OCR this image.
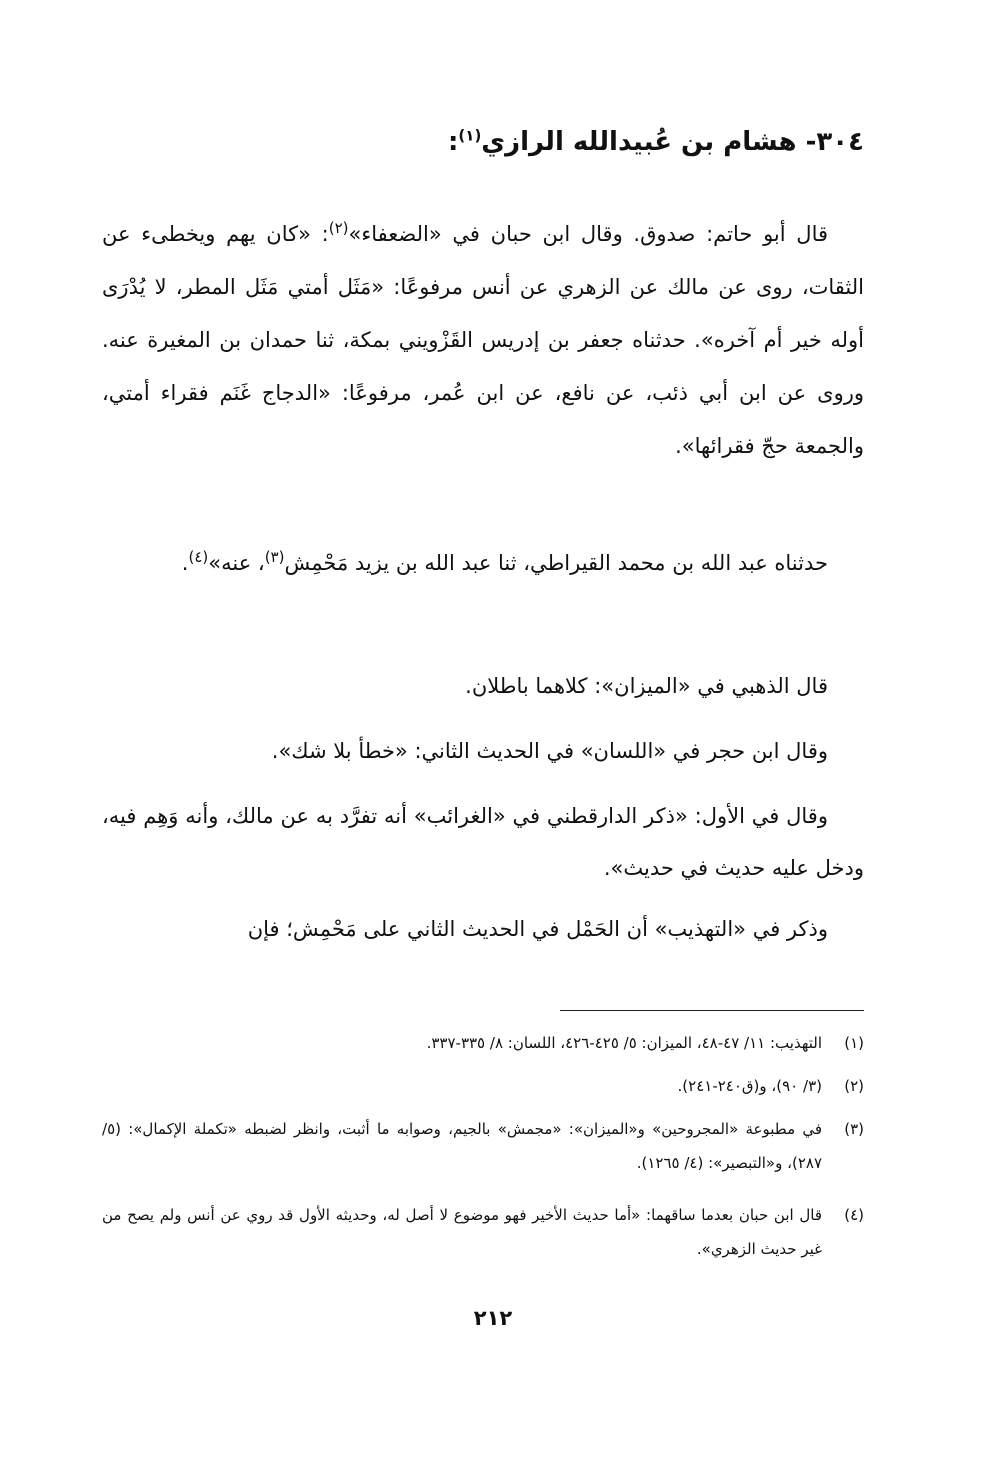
٣٠٤- هشام بن عُبيدالله الرازي$^{(١)}$:
قال أبو حاتم: صدوق. وقال ابن حبان في «الضعفاء»$^{(٢)}$: «كان يهم ويخطىء عن الثقات، روى عن مالك عن الزهري عن أنس مرفوعًا: «مَثَل أمتي مَثَل المطر، لا يُدْرَى أوله خير أم آخره». حدثناه جعفر بن إدريس القَزْويني بمكة، ثنا حمدان بن المغيرة عنه. وروى عن ابن أبي ذئب، عن نافع، عن ابن عُمر، مرفوعًا: «الدجاج غَنَم فقراء أمتي، والجمعة حجّ فقرائها».
حدثناه عبد الله بن محمد القيراطي، ثنا عبد الله بن يزيد مَحْمِش$^{(٣)}$، عنه»$^{(٤)}$.
قال الذهبي في «الميزان»: كلاهما باطلان.
وقال ابن حجر في «اللسان» في الحديث الثاني: «خطأ بلا شك».
وقال في الأول: «ذكر الدارقطني في «الغرائب» أنه تفرَّد به عن مالك، وأنه وَهِم فيه، ودخل عليه حديث في حديث».
وذكر في «التهذيب» أن الحَمْل في الحديث الثاني على مَحْمِش؛ فإن
(١)
التهذيب: ١١/ ٤٧-٤٨، الميزان: ٥/ ٤٢٥-٤٢٦، اللسان: ٨/ ٣٣٥-٣٣٧.
(٢)
(٣/ ٩٠)، و(ق٢٤٠-٢٤١).
(٣)
في مطبوعة «المجروحين» و«الميزان»: «مجمش» بالجيم، وصوابه ما أثبت، وانظر لضبطه «تكملة الإكمال»: (٥/ ٢٨٧)، و«التبصير»: (٤/ ١٢٦٥).
(٤)
قال ابن حبان بعدما ساقهما: «أما حديث الأخير فهو موضوع لا أصل له، وحديثه الأول قد روي عن أنس ولم يصح من غير حديث الزهري».
٢١٢
